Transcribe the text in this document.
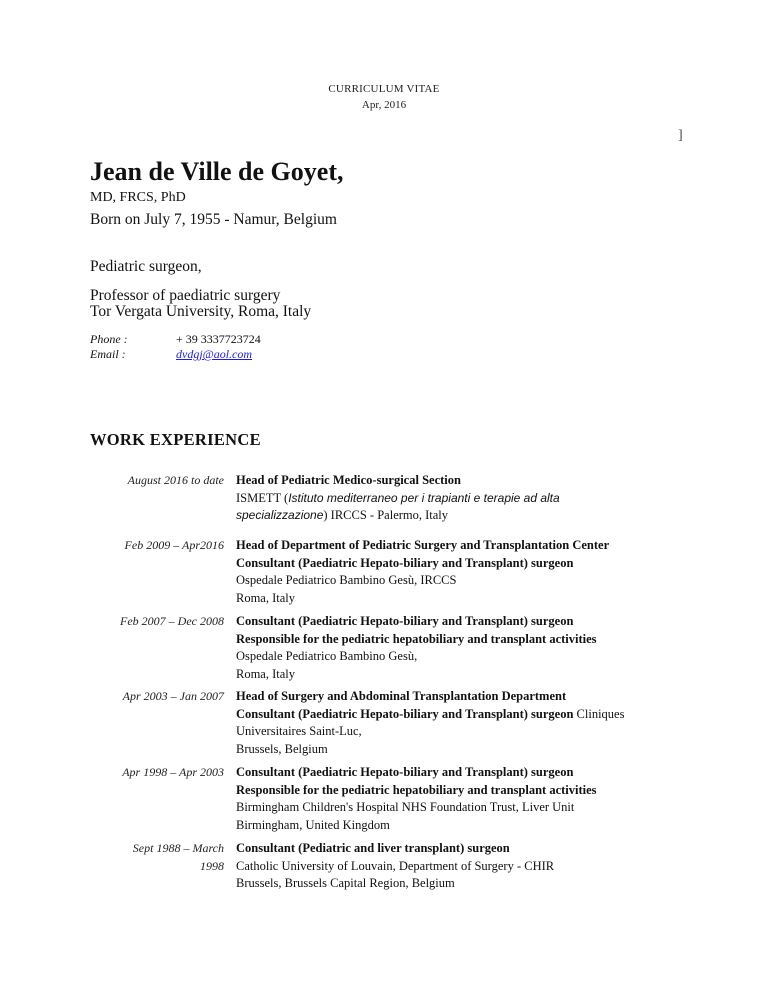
CURRICULUM VITAE
Apr, 2016
]
Jean de Ville de Goyet,
MD, FRCS, PhD
Born on July 7, 1955 - Namur, Belgium
Pediatric surgeon,
Professor of paediatric surgery
Tor Vergata University, Roma, Italy
Phone :	+ 39 3337723724
Email :	dvdgj@aol.com
WORK EXPERIENCE
August 2016 to date Head of Pediatric Medico-surgical Section
ISMETT (Istituto mediterraneo per i trapianti e terapie ad alta
specializzazione) IRCCS - Palermo, Italy
Feb 2009 – Apr2016 Head of Department of Pediatric Surgery and Transplantation Center
Consultant (Paediatric Hepato-biliary and Transplant) surgeon
Ospedale Pediatrico Bambino Gesù, IRCCS
Roma, Italy
Feb 2007 – Dec 2008 Consultant (Paediatric Hepato-biliary and Transplant) surgeon
Responsible for the pediatric hepatobiliary and transplant activities
Ospedale Pediatrico Bambino Gesù,
Roma, Italy
Apr 2003 – Jan 2007 Head of Surgery and Abdominal Transplantation Department
Consultant (Paediatric Hepato-biliary and Transplant) surgeon Cliniques
Universitaires Saint-Luc,
Brussels, Belgium
Apr 1998 – Apr 2003 Consultant (Paediatric Hepato-biliary and Transplant) surgeon
Responsible for the pediatric hepatobiliary and transplant activities
Birmingham Children's Hospital NHS Foundation Trust, Liver Unit
Birmingham, United Kingdom
Sept 1988 – March
1998
Consultant (Pediatric and liver transplant) surgeon
Catholic University of Louvain, Department of Surgery - CHIR
Brussels, Brussels Capital Region, Belgium
